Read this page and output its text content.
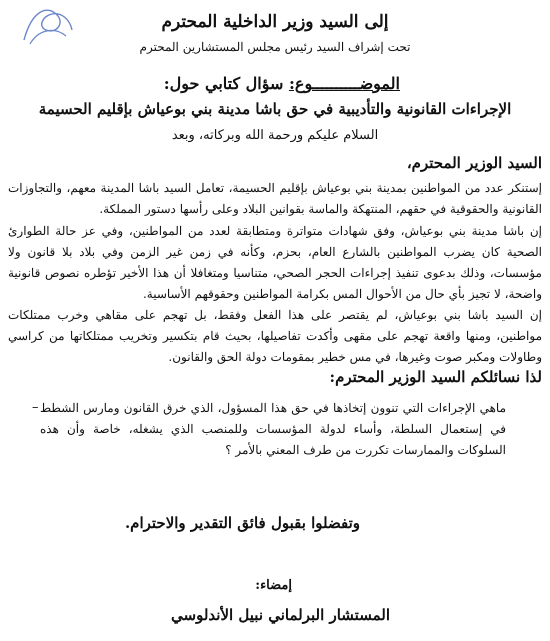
إلى السيد وزير الداخلية المحترم
تحت إشراف السيد رئيس مجلس المستشارين المحترم
الموضــــــــــوع: سؤال كتابي حول:
الإجراءات القانونية والتأديبية في حق باشا مدينة بني بوعياش بإقليم الحسيمة
السلام عليكم ورحمة الله وبركاته، وبعد
السيد الوزير المحترم،
إستنكر عدد من المواطنين بمدينة بني بوعياش بإقليم الحسيمة، تعامل السيد باشا المدينة معهم، والتجاوزات القانونية والحقوقية في حقهم، المنتهكة والماسة بقوانين البلاد وعلى رأسها دستور المملكة.
إن باشا مدينة بني بوعياش، وفق شهادات متواترة ومتطابقة لعدد من المواطنين، وفي عز حالة الطوارئ الصحية كان يضرب المواطنين بالشارع العام، بحزم، وكأنه في زمن غير الزمن وفي بلاد بلا قانون ولا مؤسسات، وذلك بدعوى تنفيذ إجراءات الحجر الصحي، متناسيا ومتغافلا أن هذا الأخير تؤطره نصوص قانونية واضحة، لا تجيز بأي حال من الأحوال المس بكرامة المواطنين وحقوقهم الأساسية.
إن السيد باشا بني بوعياش، لم يقتصر على هذا الفعل وفقط، بل تهجم على مقاهي وخرب ممتلكات مواطنين، ومنها واقعة تهجم على مقهى وأكدت تفاصيلها، بحيث قام بتكسير وتخريب ممتلكاتها من كراسي وطاولات ومكبر صوت وغيرها، في مس خطير بمقومات دولة الحق والقانون.
لذا نسائلكم السيد الوزير المحترم:
– ماهي الإجراءات التي تنوون إتخاذها في حق هذا المسؤول، الذي خرق القانون ومارس الشطط في إستعمال السلطة، وأساء لدولة المؤسسات وللمنصب الذي يشغله، خاصة وأن هذه السلوكات والممارسات تكررت من طرف المعني بالأمر ؟
وتفضلوا بقبول فائق التقدير والاحترام.
إمضاء:
المستشار البرلماني نبيل الأندلوسي
